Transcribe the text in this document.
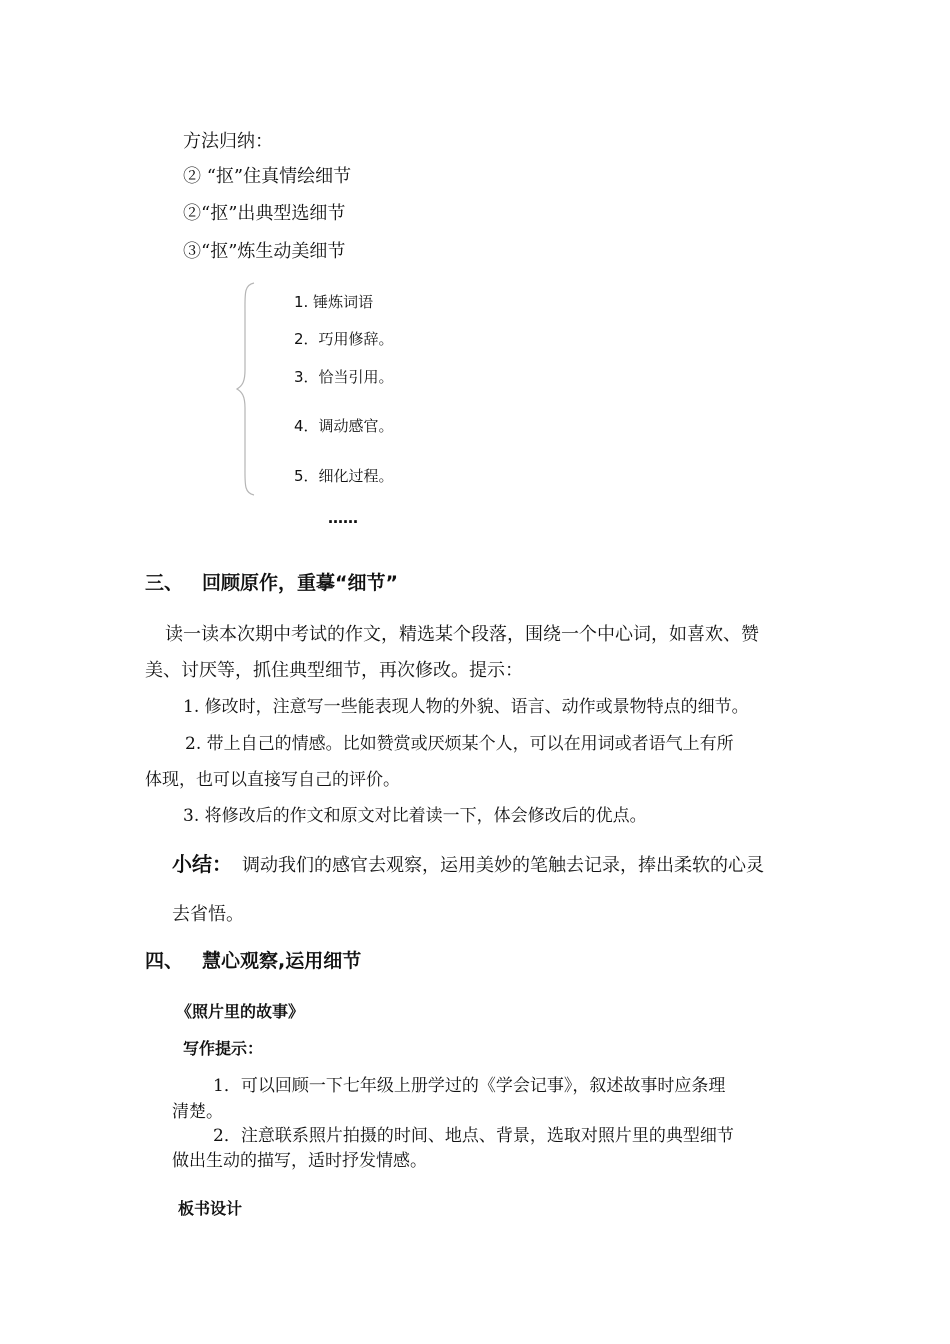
方法归纳：
② “抠”住真情绘细节
②“抠”出典型选细节
③“抠”炼生动美细节
1. 锤炼词语
2．巧用修辞。
3．恰当引用。
4．调动感官。
5．细化过程。
……
三、 回顾原作，重摹“细节”
读一读本次期中考试的作文，精选某个段落，围绕一个中心词，如喜欢、赞
美、讨厌等，抓住典型细节，再次修改。提示：
1. 修改时，注意写一些能表现人物的外貌、语言、动作或景物特点的细节。
2. 带上自己的情感。比如赞赏或厌烦某个人，可以在用词或者语气上有所
体现，也可以直接写自己的评价。
3. 将修改后的作文和原文对比着读一下，体会修改后的优点。
小结： 调动我们的感官去观察，运用美妙的笔触去记录，捧出柔软的心灵
去省悟。
四、 慧心观察,运用细节
《照片里的故事》
写作提示：
1．可以回顾一下七年级上册学过的《学会记事》，叙述故事时应条理
清楚。
2．注意联系照片拍摄的时间、地点、背景，选取对照片里的典型细节
做出生动的描写，适时抒发情感。
板书设计
